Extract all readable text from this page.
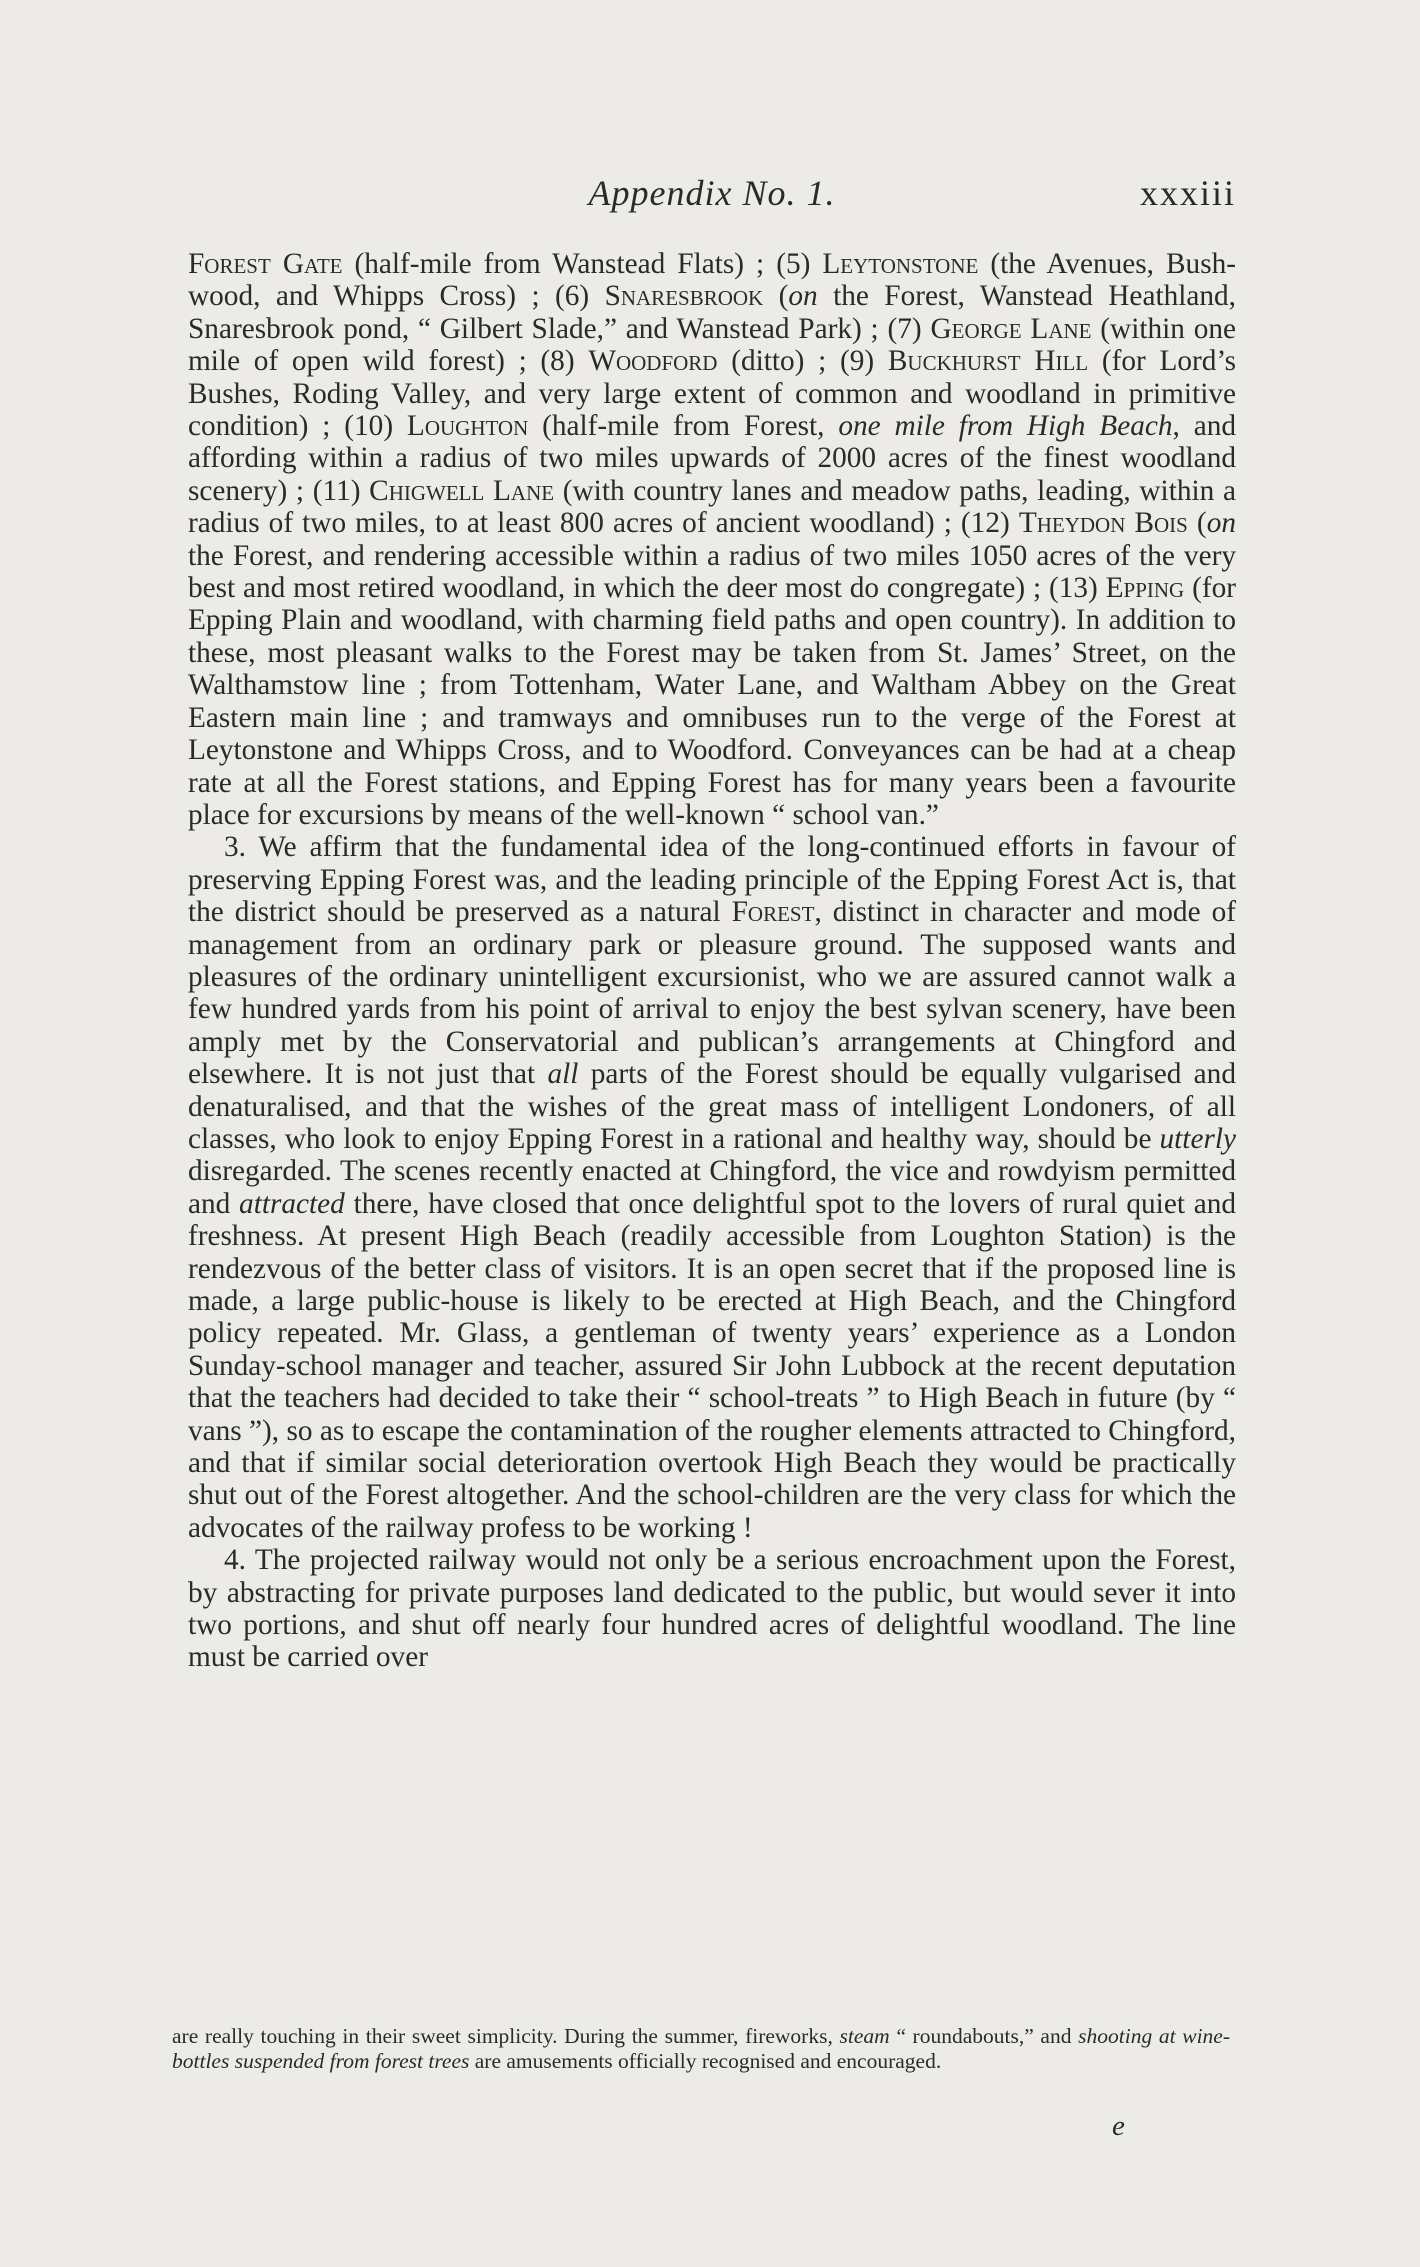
Appendix No. 1.	xxxiii

Forest Gate (half-mile from Wanstead Flats) ; (5) Leytonstone (the Avenues, Bush-wood, and Whipps Cross) ; (6) Snaresbrook (on the Forest, Wanstead Heathland, Snaresbrook pond, “ Gilbert Slade,” and Wanstead Park) ; (7) George Lane (within one mile of open wild forest) ; (8) Woodford (ditto) ; (9) Buckhurst Hill (for Lord’s Bushes, Roding Valley, and very large extent of common and woodland in primitive condition) ; (10) Loughton (half-mile from Forest, one mile from High Beach, and affording within a radius of two miles upwards of 2000 acres of the finest woodland scenery) ; (11) Chigwell Lane (with country lanes and meadow paths, leading, within a radius of two miles, to at least 800 acres of ancient woodland) ; (12) Theydon Bois (on the Forest, and rendering accessible within a radius of two miles 1050 acres of the very best and most retired woodland, in which the deer most do congregate) ; (13) Epping (for Epping Plain and woodland, with charming field paths and open country). In addition to these, most pleasant walks to the Forest may be taken from St. James’ Street, on the Walthamstow line ; from Tottenham, Water Lane, and Waltham Abbey on the Great Eastern main line ; and tramways and omnibuses run to the verge of the Forest at Leytonstone and Whipps Cross, and to Woodford. Conveyances can be had at a cheap rate at all the Forest stations, and Epping Forest has for many years been a favourite place for excursions by means of the well-known “ school van.”

3. We affirm that the fundamental idea of the long-continued efforts in favour of preserving Epping Forest was, and the leading principle of the Epping Forest Act is, that the district should be preserved as a natural Forest, distinct in character and mode of management from an ordinary park or pleasure ground. The supposed wants and pleasures of the ordinary unintelligent excursionist, who we are assured cannot walk a few hundred yards from his point of arrival to enjoy the best sylvan scenery, have been amply met by the Conservatorial and publican’s arrangements at Chingford and elsewhere. It is not just that all parts of the Forest should be equally vulgarised and denaturalised, and that the wishes of the great mass of intelligent Londoners, of all classes, who look to enjoy Epping Forest in a rational and healthy way, should be utterly disregarded. The scenes recently enacted at Chingford, the vice and rowdyism permitted and attracted there, have closed that once delightful spot to the lovers of rural quiet and freshness. At present High Beach (readily accessible from Loughton Station) is the rendezvous of the better class of visitors. It is an open secret that if the proposed line is made, a large public-house is likely to be erected at High Beach, and the Chingford policy repeated. Mr. Glass, a gentleman of twenty years’ experience as a London Sunday-school manager and teacher, assured Sir John Lubbock at the recent deputation that the teachers had decided to take their “ school-treats ” to High Beach in future (by “ vans ”), so as to escape the contamination of the rougher elements attracted to Chingford, and that if similar social deterioration overtook High Beach they would be practically shut out of the Forest altogether. And the school-children are the very class for which the advocates of the railway profess to be working !

4. The projected railway would not only be a serious encroachment upon the Forest, by abstracting for private purposes land dedicated to the public, but would sever it into two portions, and shut off nearly four hundred acres of delightful woodland. The line must be carried over

are really touching in their sweet simplicity. During the summer, fireworks, steam “ roundabouts,” and shooting at wine-bottles suspended from forest trees are amusements officially recognised and encouraged.

e
